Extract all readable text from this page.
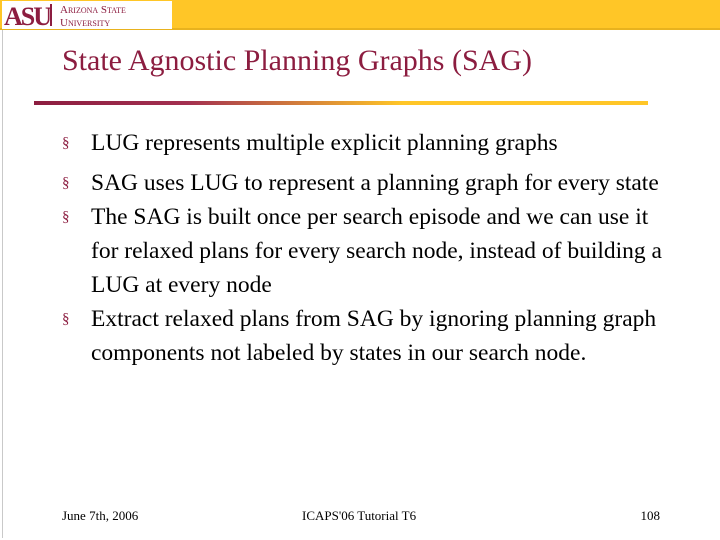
ASU Arizona State
University
State Agnostic Planning Graphs (SAG)
§ LUG represents multiple explicit planning graphs
§ SAG uses LUG to represent a planning graph for every state
§ The SAG is built once per search episode and we can use it for relaxed plans for every search node, instead of building a LUG at every node
§ Extract relaxed plans from SAG by ignoring planning graph components not labeled by states in our search node.
June 7th, 2006	ICAPS'06 Tutorial T6	108
